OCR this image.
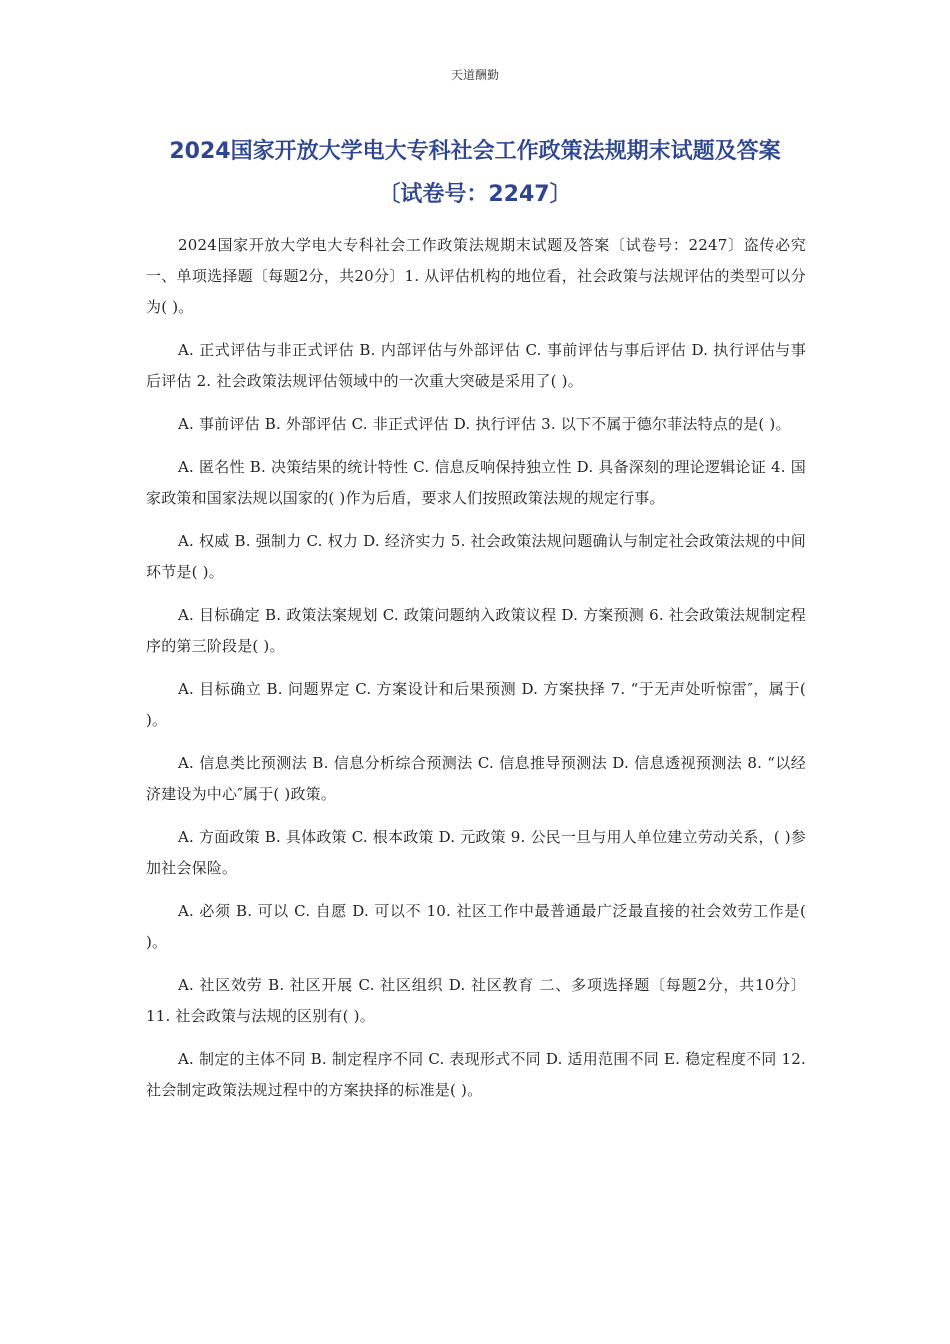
天道酬勤
2024国家开放大学电大专科社会工作政策法规期末试题及答案
〔试卷号：2247〕

2024国家开放大学电大专科社会工作政策法规期末试题及答案〔试卷号：2247〕盗传必究 一、单项选择题〔每题2分，共20分〕1. 从评估机构的地位看，社会政策与法规评估的类型可以分为( )。

A. 正式评估与非正式评估 B. 内部评估与外部评估 C. 事前评估与事后评估 D. 执行评估与事后评估 2. 社会政策法规评估领域中的一次重大突破是采用了( )。

A. 事前评估 B. 外部评估 C. 非正式评估 D. 执行评估 3. 以下不属于德尔菲法特点的是( )。

A. 匿名性 B. 决策结果的统计特性 C. 信息反响保持独立性 D. 具备深刻的理论逻辑论证 4. 国家政策和国家法规以国家的( )作为后盾，要求人们按照政策法规的规定行事。

A. 权威 B. 强制力 C. 权力 D. 经济实力 5. 社会政策法规问题确认与制定社会政策法规的中间环节是( )。

A. 目标确定 B. 政策法案规划 C. 政策问题纳入政策议程 D. 方案预测 6. 社会政策法规制定程序的第三阶段是( )。

A. 目标确立 B. 问题界定 C. 方案设计和后果预测 D. 方案抉择 7. “于无声处听惊雷″，属于( )。

A. 信息类比预测法 B. 信息分析综合预测法 C. 信息推导预测法 D. 信息透视预测法 8. “以经济建设为中心″属于( )政策。

A. 方面政策 B. 具体政策 C. 根本政策 D. 元政策 9. 公民一旦与用人单位建立劳动关系，( )参加社会保险。

A. 必须 B. 可以 C. 自愿 D. 可以不 10. 社区工作中最普通最广泛最直接的社会效劳工作是( )。

A. 社区效劳 B. 社区开展 C. 社区组织 D. 社区教育 二、多项选择题〔每题2分，共10分〕11. 社会政策与法规的区别有( )。

A. 制定的主体不同 B. 制定程序不同 C. 表现形式不同 D. 适用范围不同 E. 稳定程度不同 12. 社会制定政策法规过程中的方案抉择的标准是( )。
